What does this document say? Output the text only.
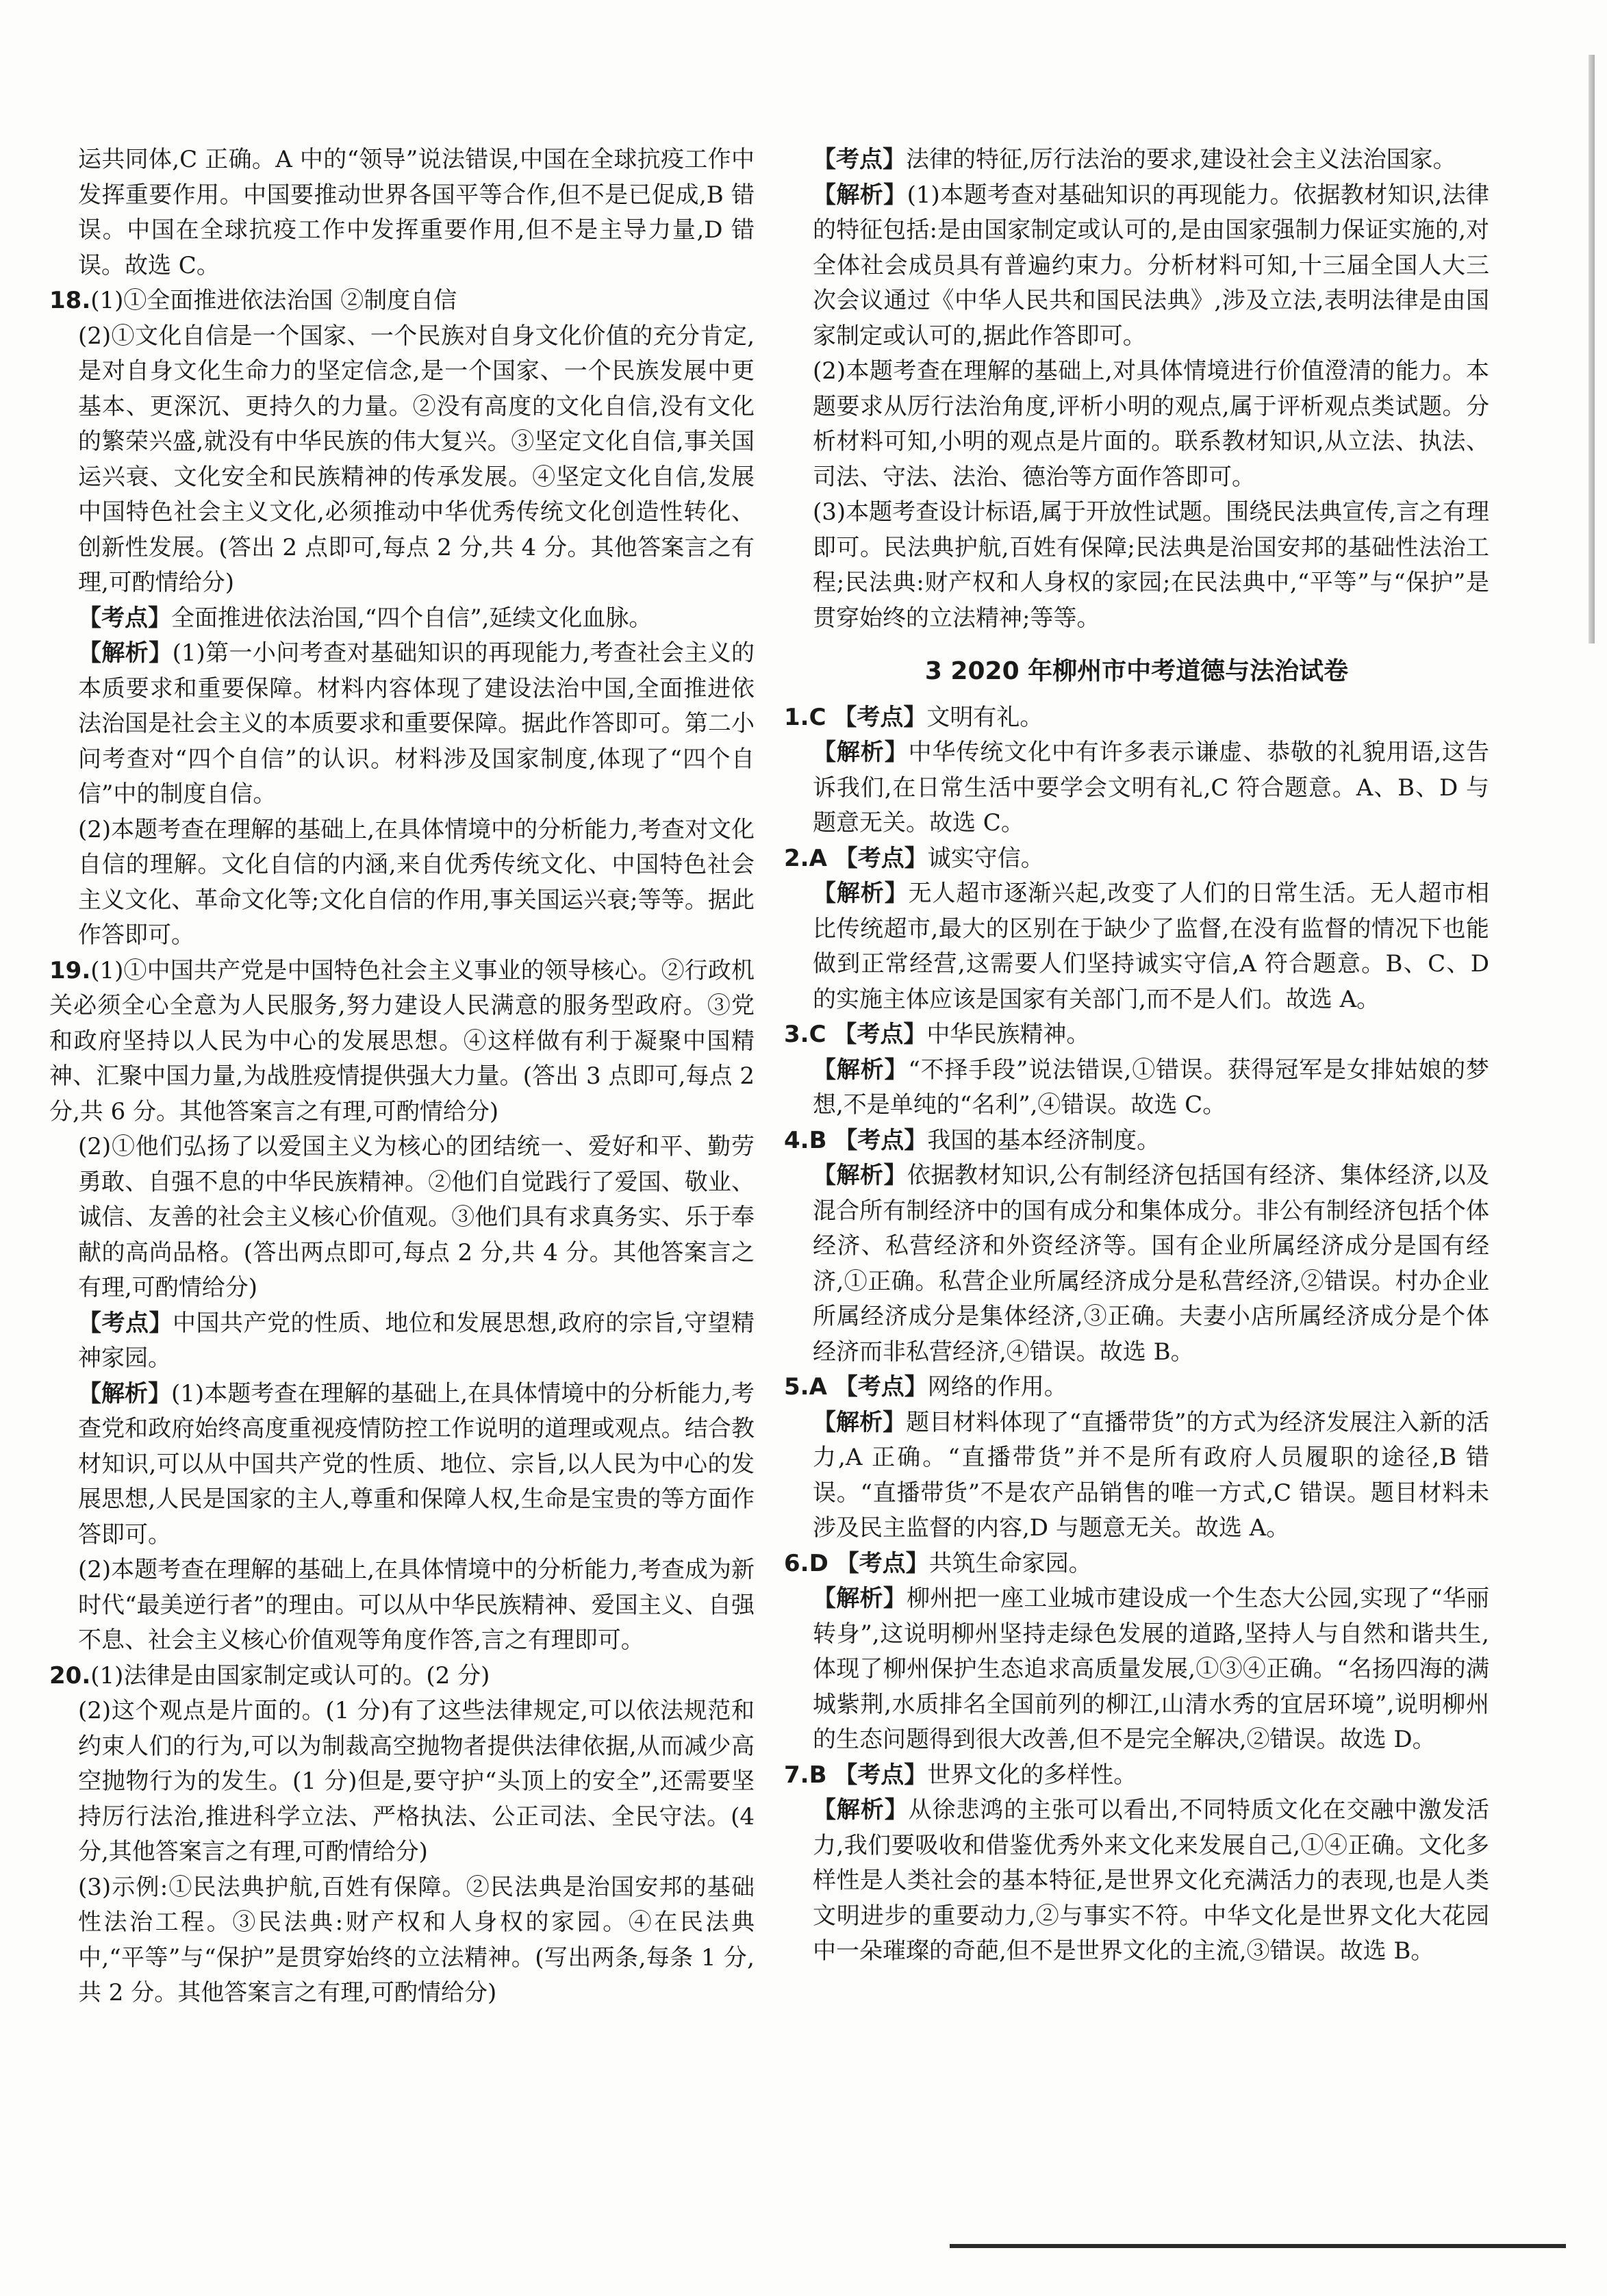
运共同体,C 正确。A 中的“领导”说法错误,中国在全球抗疫工作中发挥重要作用。中国要推动世界各国平等合作,但不是已促成,B 错误。中国在全球抗疫工作中发挥重要作用,但不是主导力量,D 错误。故选 C。

18.(1)①全面推进依法治国 ②制度自信

(2)①文化自信是一个国家、一个民族对自身文化价值的充分肯定,是对自身文化生命力的坚定信念,是一个国家、一个民族发展中更基本、更深沉、更持久的力量。②没有高度的文化自信,没有文化的繁荣兴盛,就没有中华民族的伟大复兴。③坚定文化自信,事关国运兴衰、文化安全和民族精神的传承发展。④坚定文化自信,发展中国特色社会主义文化,必须推动中华优秀传统文化创造性转化、创新性发展。(答出 2 点即可,每点 2 分,共 4 分。其他答案言之有理,可酌情给分)

【考点】全面推进依法治国,“四个自信”,延续文化血脉。

【解析】(1)第一小问考查对基础知识的再现能力,考查社会主义的本质要求和重要保障。材料内容体现了建设法治中国,全面推进依法治国是社会主义的本质要求和重要保障。据此作答即可。第二小问考查对“四个自信”的认识。材料涉及国家制度,体现了“四个自信”中的制度自信。

(2)本题考查在理解的基础上,在具体情境中的分析能力,考查对文化自信的理解。文化自信的内涵,来自优秀传统文化、中国特色社会主义文化、革命文化等;文化自信的作用,事关国运兴衰;等等。据此作答即可。

19.(1)①中国共产党是中国特色社会主义事业的领导核心。②行政机关必须全心全意为人民服务,努力建设人民满意的服务型政府。③党和政府坚持以人民为中心的发展思想。④这样做有利于凝聚中国精神、汇聚中国力量,为战胜疫情提供强大力量。(答出 3 点即可,每点 2 分,共 6 分。其他答案言之有理,可酌情给分)

(2)①他们弘扬了以爱国主义为核心的团结统一、爱好和平、勤劳勇敢、自强不息的中华民族精神。②他们自觉践行了爱国、敬业、诚信、友善的社会主义核心价值观。③他们具有求真务实、乐于奉献的高尚品格。(答出两点即可,每点 2 分,共 4 分。其他答案言之有理,可酌情给分)

【考点】中国共产党的性质、地位和发展思想,政府的宗旨,守望精神家园。

【解析】(1)本题考查在理解的基础上,在具体情境中的分析能力,考查党和政府始终高度重视疫情防控工作说明的道理或观点。结合教材知识,可以从中国共产党的性质、地位、宗旨,以人民为中心的发展思想,人民是国家的主人,尊重和保障人权,生命是宝贵的等方面作答即可。

(2)本题考查在理解的基础上,在具体情境中的分析能力,考查成为新时代“最美逆行者”的理由。可以从中华民族精神、爱国主义、自强不息、社会主义核心价值观等角度作答,言之有理即可。

20.(1)法律是由国家制定或认可的。(2 分)

(2)这个观点是片面的。(1 分)有了这些法律规定,可以依法规范和约束人们的行为,可以为制裁高空抛物者提供法律依据,从而减少高空抛物行为的发生。(1 分)但是,要守护“头顶上的安全”,还需要坚持厉行法治,推进科学立法、严格执法、公正司法、全民守法。(4 分,其他答案言之有理,可酌情给分)

(3)示例:①民法典护航,百姓有保障。②民法典是治国安邦的基础性法治工程。③民法典:财产权和人身权的家园。④在民法典中,“平等”与“保护”是贯穿始终的立法精神。(写出两条,每条 1 分,共 2 分。其他答案言之有理,可酌情给分)

【考点】法律的特征,厉行法治的要求,建设社会主义法治国家。

【解析】(1)本题考查对基础知识的再现能力。依据教材知识,法律的特征包括:是由国家制定或认可的,是由国家强制力保证实施的,对全体社会成员具有普遍约束力。分析材料可知,十三届全国人大三次会议通过《中华人民共和国民法典》,涉及立法,表明法律是由国家制定或认可的,据此作答即可。

(2)本题考查在理解的基础上,对具体情境进行价值澄清的能力。本题要求从厉行法治角度,评析小明的观点,属于评析观点类试题。分析材料可知,小明的观点是片面的。联系教材知识,从立法、执法、司法、守法、法治、德治等方面作答即可。

(3)本题考查设计标语,属于开放性试题。围绕民法典宣传,言之有理即可。民法典护航,百姓有保障;民法典是治国安邦的基础性法治工程;民法典:财产权和人身权的家园;在民法典中,“平等”与“保护”是贯穿始终的立法精神;等等。

3 2020 年柳州市中考道德与法治试卷

1.C 【考点】文明有礼。

【解析】中华传统文化中有许多表示谦虚、恭敬的礼貌用语,这告诉我们,在日常生活中要学会文明有礼,C 符合题意。A、B、D 与题意无关。故选 C。

2.A 【考点】诚实守信。

【解析】无人超市逐渐兴起,改变了人们的日常生活。无人超市相比传统超市,最大的区别在于缺少了监督,在没有监督的情况下也能做到正常经营,这需要人们坚持诚实守信,A 符合题意。B、C、D 的实施主体应该是国家有关部门,而不是人们。故选 A。

3.C 【考点】中华民族精神。

【解析】“不择手段”说法错误,①错误。获得冠军是女排姑娘的梦想,不是单纯的“名利”,④错误。故选 C。

4.B 【考点】我国的基本经济制度。

【解析】依据教材知识,公有制经济包括国有经济、集体经济,以及混合所有制经济中的国有成分和集体成分。非公有制经济包括个体经济、私营经济和外资经济等。国有企业所属经济成分是国有经济,①正确。私营企业所属经济成分是私营经济,②错误。村办企业所属经济成分是集体经济,③正确。夫妻小店所属经济成分是个体经济而非私营经济,④错误。故选 B。

5.A 【考点】网络的作用。

【解析】题目材料体现了“直播带货”的方式为经济发展注入新的活力,A 正确。“直播带货”并不是所有政府人员履职的途径,B 错误。“直播带货”不是农产品销售的唯一方式,C 错误。题目材料未涉及民主监督的内容,D 与题意无关。故选 A。

6.D 【考点】共筑生命家园。

【解析】柳州把一座工业城市建设成一个生态大公园,实现了“华丽转身”,这说明柳州坚持走绿色发展的道路,坚持人与自然和谐共生,体现了柳州保护生态追求高质量发展,①③④正确。“名扬四海的满城紫荆,水质排名全国前列的柳江,山清水秀的宜居环境”,说明柳州的生态问题得到很大改善,但不是完全解决,②错误。故选 D。

7.B 【考点】世界文化的多样性。

【解析】从徐悲鸿的主张可以看出,不同特质文化在交融中激发活力,我们要吸收和借鉴优秀外来文化来发展自己,①④正确。文化多样性是人类社会的基本特征,是世界文化充满活力的表现,也是人类文明进步的重要动力,②与事实不符。中华文化是世界文化大花园中一朵璀璨的奇葩,但不是世界文化的主流,③错误。故选 B。
